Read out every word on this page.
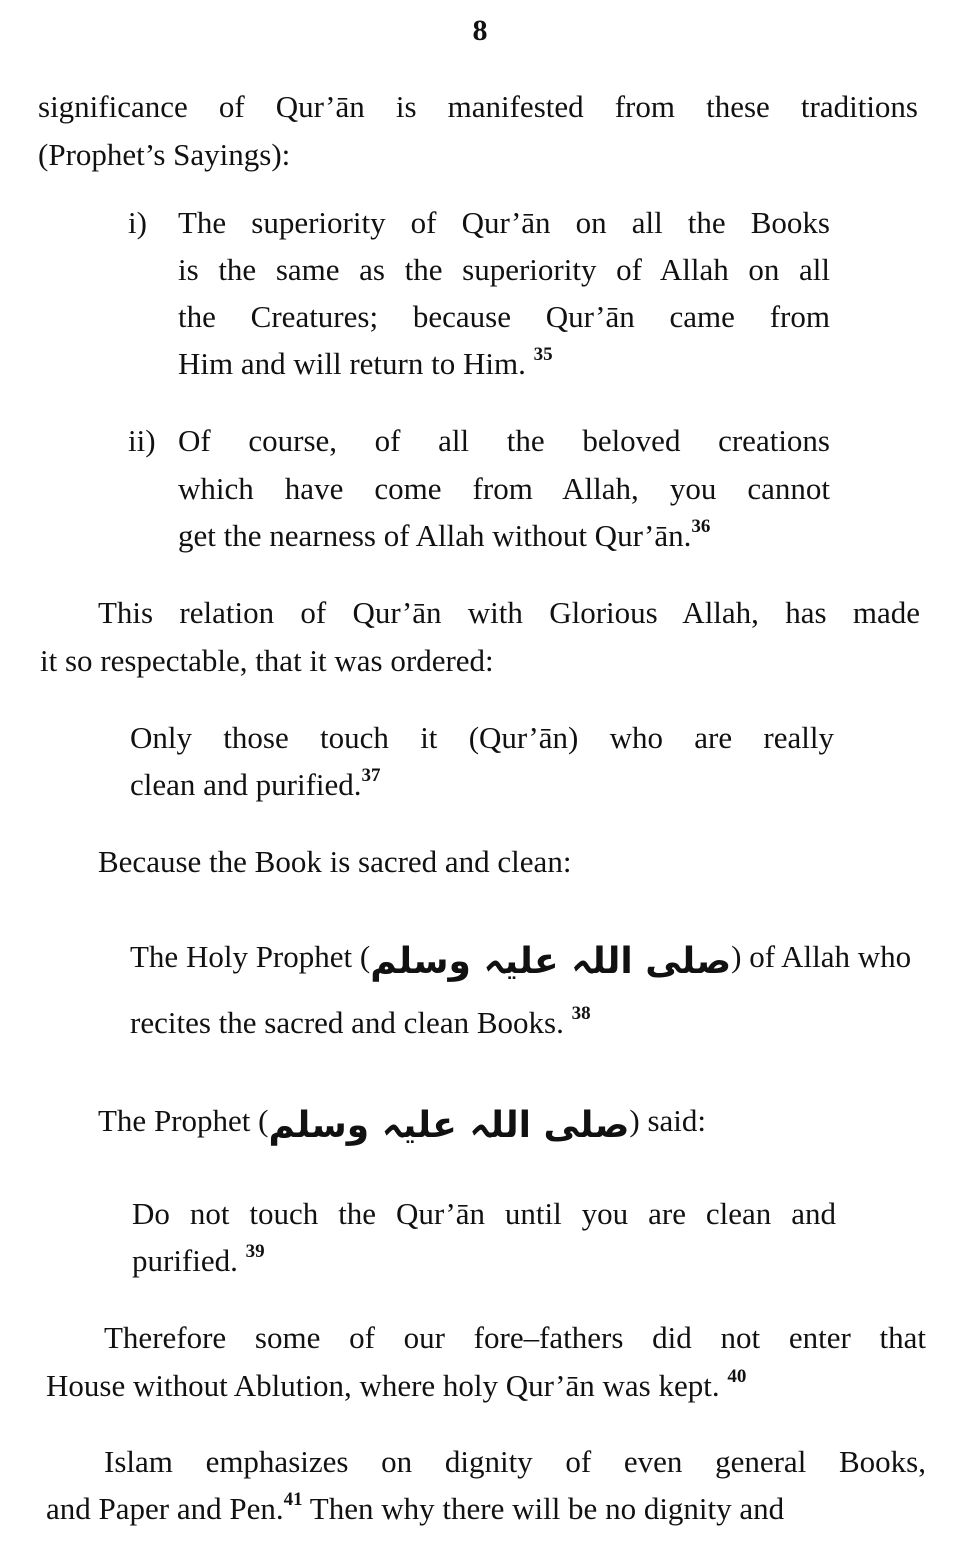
8
significance of Qur’ān is manifested from these traditions
(Prophet’s Sayings):
i) The superiority of Qur’ān on all the Books
is the same as the superiority of Allah on all
the Creatures; because Qur’ān came from
Him and will return to Him. $^{35}$
ii) Of course, of all the beloved creations
which have come from Allah, you cannot
get the nearness of Allah without Qur’ān.$^{36}$
This relation of Qur’ān with Glorious Allah, has made
it so respectable, that it was ordered:
Only those touch it (Qur’ān) who are really
clean and purified.$^{37}$
Because the Book is sacred and clean:
The Holy Prophet (صلی اللہ علیہ وسلم) of Allah who
recites the sacred and clean Books. $^{38}$
The Prophet (صلی اللہ علیہ وسلم) said:
Do not touch the Qur’ān until you are clean and
purified. $^{39}$
Therefore some of our fore–fathers did not enter that
House without Ablution, where holy Qur’ān was kept. $^{40}$
Islam emphasizes on dignity of even general Books,
and Paper and Pen.$^{41}$ Then why there will be no dignity and
